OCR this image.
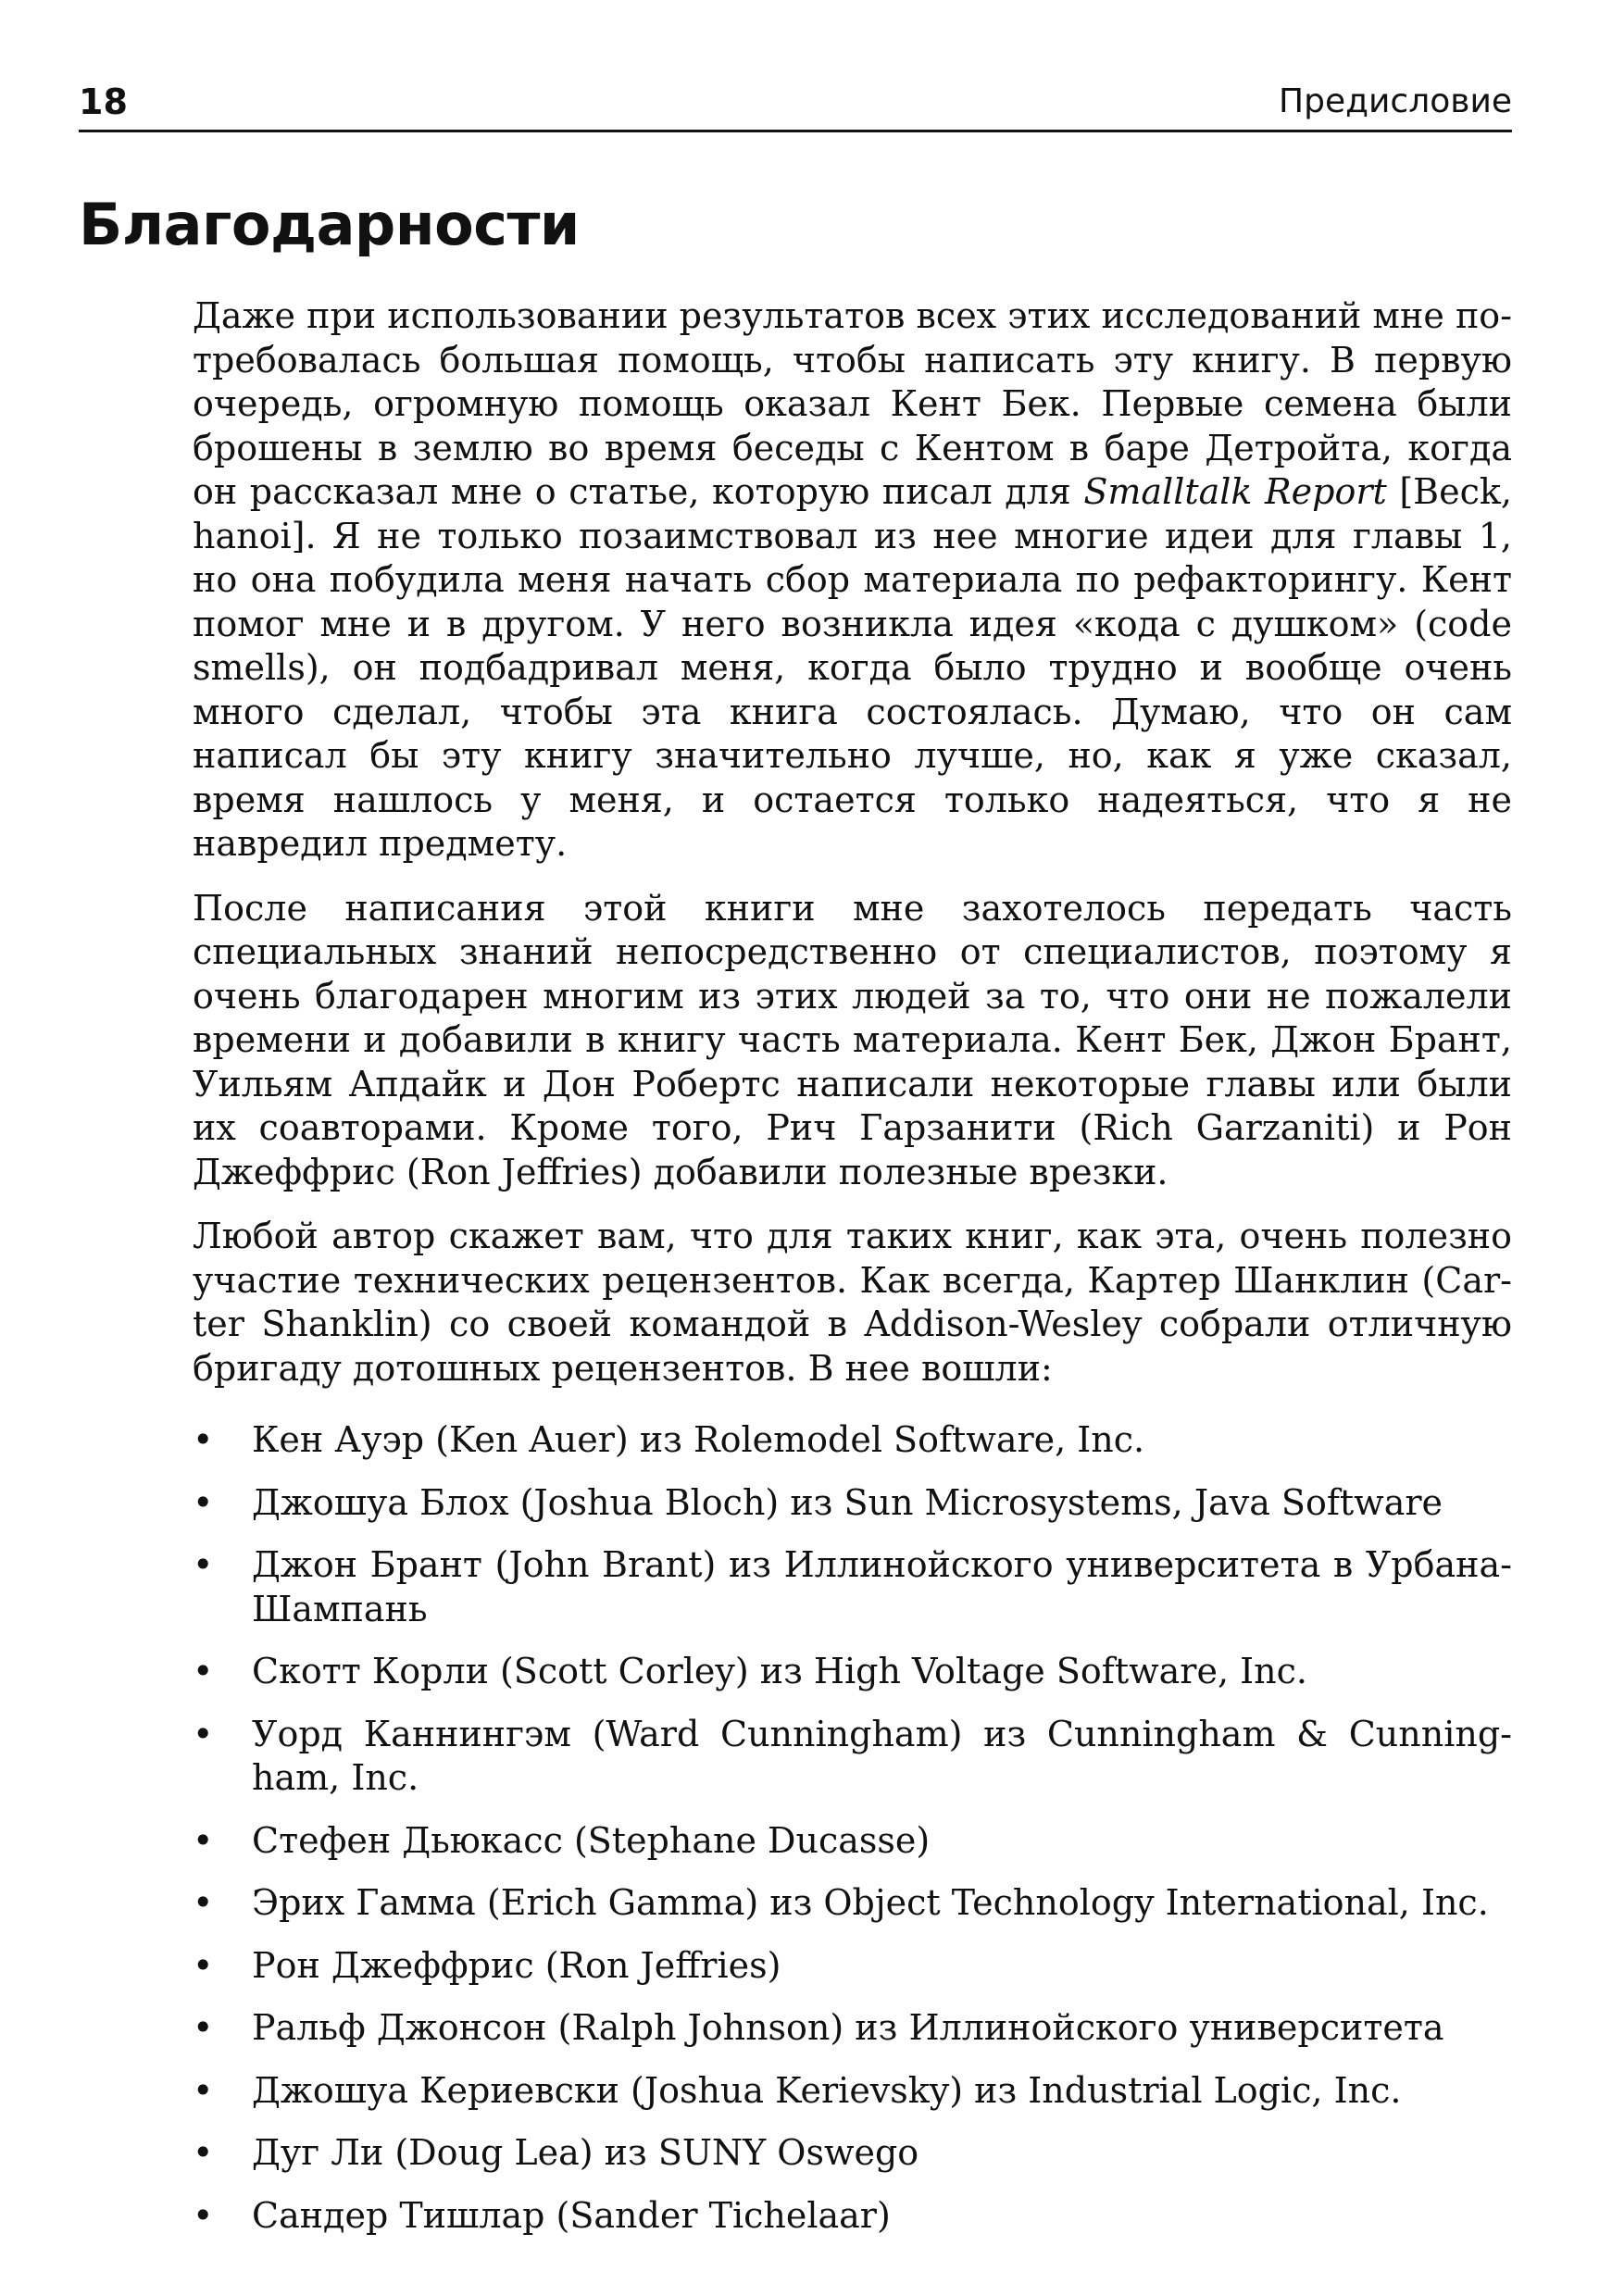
18	Предисловие
Благодарности

Даже при использовании результатов всех этих исследований мне потребовалась большая помощь, чтобы написать эту книгу. В первую очередь, огромную помощь оказал Кент Бек. Первые семена были брошены в землю во время беседы с Кентом в баре Детройта, когда он рассказал мне о статье, которую писал для Smalltalk Report [Beck, hanoi]. Я не только позаимствовал из нее многие идеи для главы 1, но она побудила меня начать сбор материала по рефакторингу. Кент помог мне и в другом. У него возникла идея «кода с душком» (code smells), он подбадривал меня, когда было трудно и вообще очень много сделал, чтобы эта книга состоялась. Думаю, что он сам написал бы эту книгу значительно лучше, но, как я уже сказал, время нашлось у меня, и остается только надеяться, что я не навредил предмету.

После написания этой книги мне захотелось передать часть специальных знаний непосредственно от специалистов, поэтому я очень благодарен многим из этих людей за то, что они не пожалели времени и добавили в книгу часть материала. Кент Бек, Джон Брант, Уильям Апдайк и Дон Робертс написали некоторые главы или были их соавторами. Кроме того, Рич Гарзанити (Rich Garzaniti) и Рон Джеффрис (Ron Jeffries) добавили полезные врезки.

Любой автор скажет вам, что для таких книг, как эта, очень полезно участие технических рецензентов. Как всегда, Картер Шанклин (Carter Shanklin) со своей командой в Addison-Wesley собрали отличную бригаду дотошных рецензентов. В нее вошли:

• Кен Ауэр (Ken Auer) из Rolemodel Software, Inc.
• Джошуа Блох (Joshua Bloch) из Sun Microsystems, Java Software
• Джон Брант (John Brant) из Иллинойского университета в Урбана-Шампань
• Скотт Корли (Scott Corley) из High Voltage Software, Inc.
• Уорд Каннингэм (Ward Cunningham) из Cunningham & Cunningham, Inc.
• Стефен Дьюкасс (Stephane Ducasse)
• Эрих Гамма (Erich Gamma) из Object Technology International, Inc.
• Рон Джеффрис (Ron Jeffries)
• Ральф Джонсон (Ralph Johnson) из Иллинойского университета
• Джошуа Кериевски (Joshua Kerievsky) из Industrial Logic, Inc.
• Дуг Ли (Doug Lea) из SUNY Oswego
• Сандер Тишлар (Sander Tichelaar)
